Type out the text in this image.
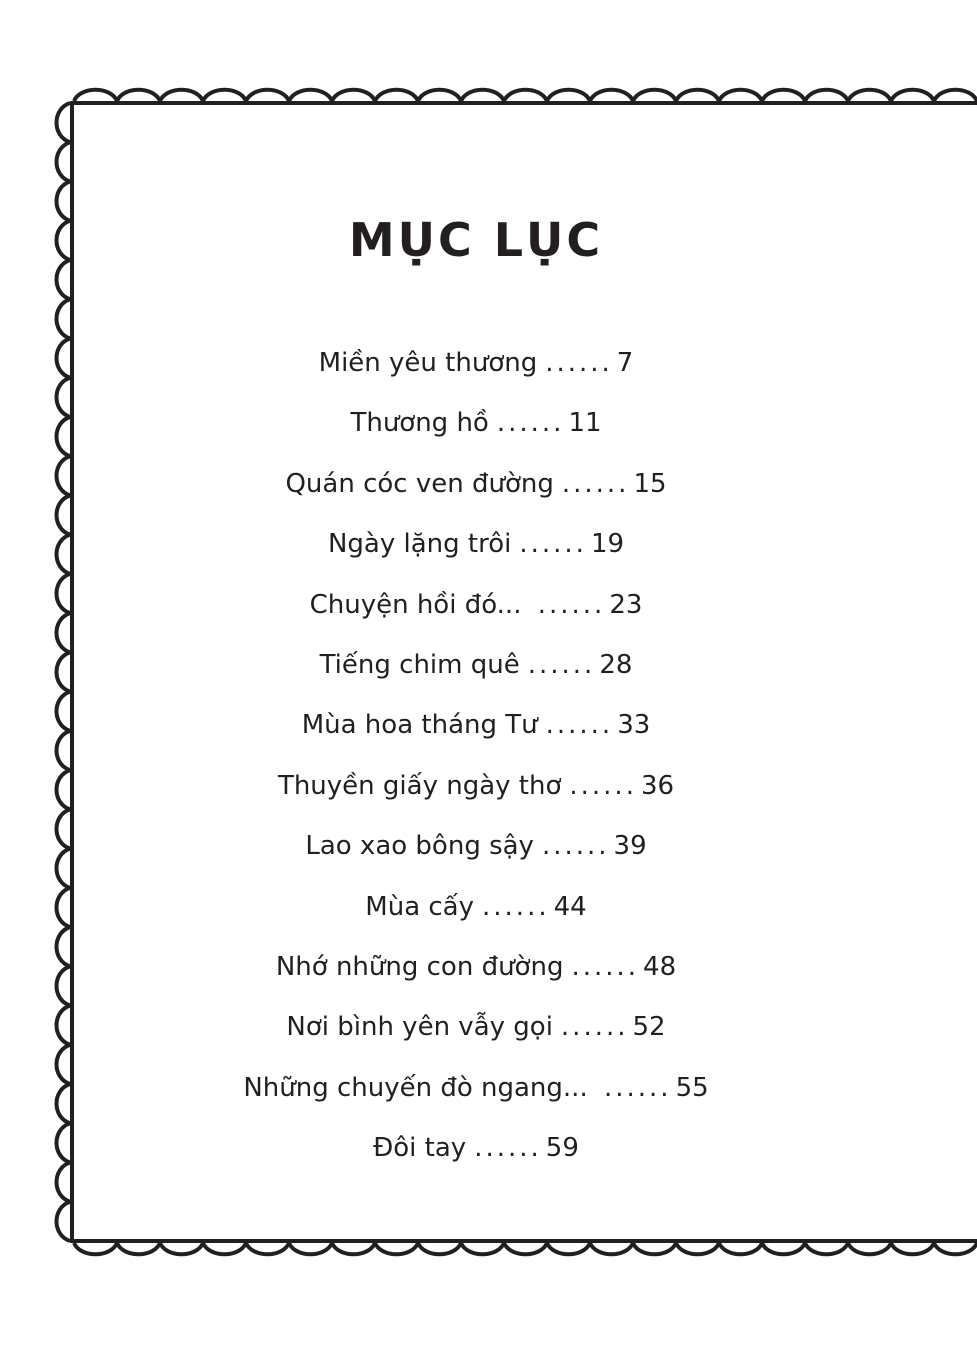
MỤC LỤC
Miền yêu thương ...... 7
Thương hồ ...... 11
Quán cóc ven đường ...... 15
Ngày lặng trôi ...... 19
Chuyện hồi đó... ...... 23
Tiếng chim quê ...... 28
Mùa hoa tháng Tư ...... 33
Thuyền giấy ngày thơ ...... 36
Lao xao bông sậy ...... 39
Mùa cấy ...... 44
Nhớ những con đường ...... 48
Nơi bình yên vẫy gọi ...... 52
Những chuyến đò ngang... ...... 55
Đôi tay ...... 59
